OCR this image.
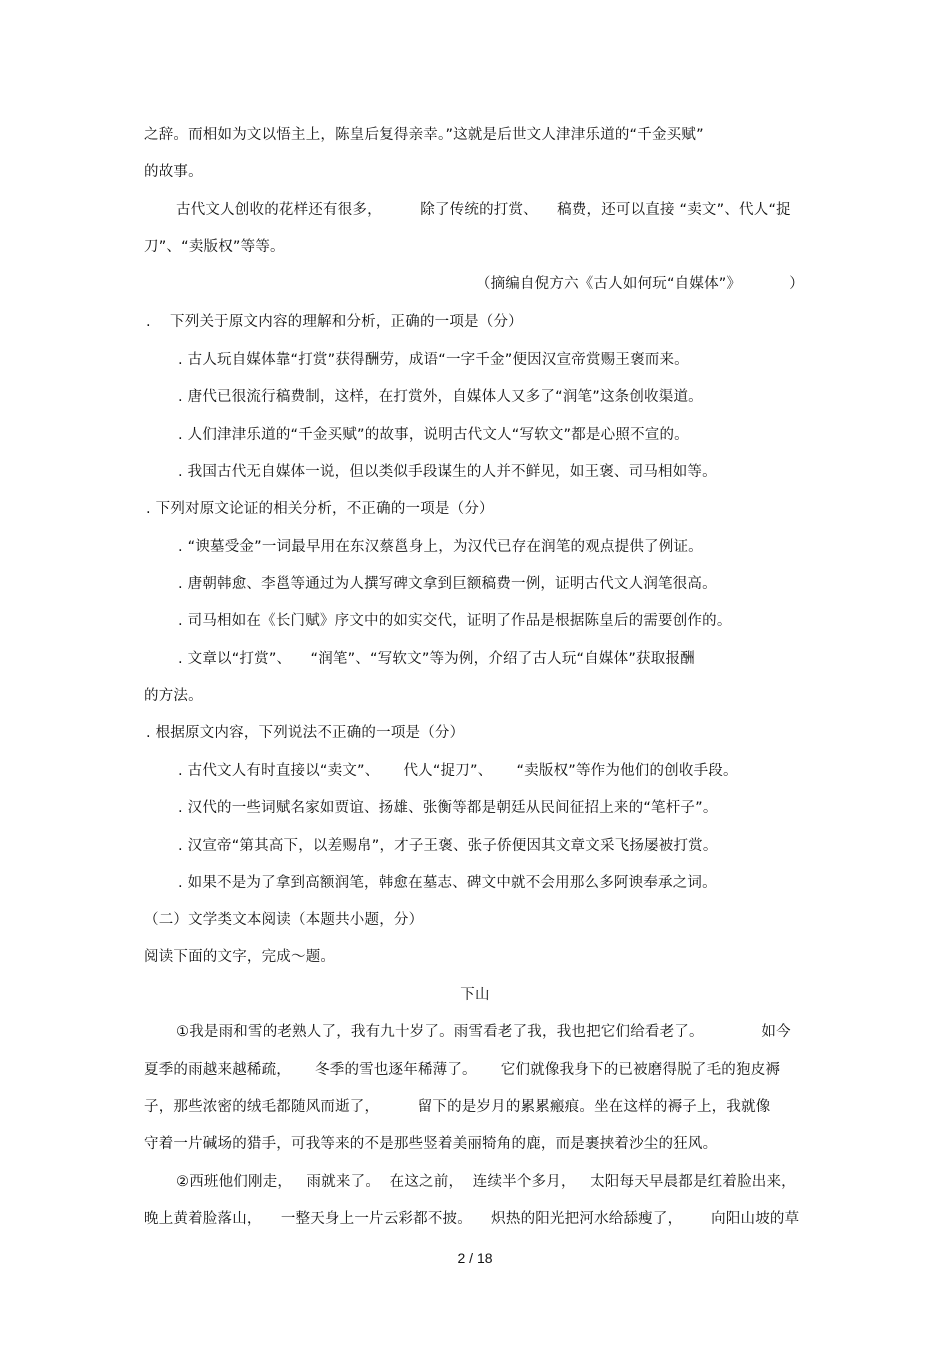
之辞。而相如为文以悟主上，陈皇后复得亲幸。”这就是后世文人津津乐道的“千金买赋”
的故事。
古代文人创收的花样还有很多，        除了传统的打赏、    稿费，还可以直接 “卖文”、代人“捉
刀”、“卖版权”等等。
（摘编自倪方六《古人如何玩“自媒体”》          ）
.    下列关于原文内容的理解和分析，正确的一项是（分）
. 古人玩自媒体靠“打赏”获得酬劳，成语“一字千金”便因汉宣帝赏赐王褒而来。
. 唐代已很流行稿费制，这样，在打赏外，自媒体人又多了“润笔”这条创收渠道。
. 人们津津乐道的“千金买赋”的故事，说明古代文人“写软文”都是心照不宣的。
. 我国古代无自媒体一说，但以类似手段谋生的人并不鲜见，如王褒、司马相如等。
. 下列对原文论证的相关分析，不正确的一项是（分）
. “谀墓受金”一词最早用在东汉蔡邕身上，为汉代已存在润笔的观点提供了例证。
. 唐朝韩愈、李邕等通过为人撰写碑文拿到巨额稿费一例，证明古代文人润笔很高。
. 司马相如在《长门赋》序文中的如实交代，证明了作品是根据陈皇后的需要创作的。
. 文章以“打赏”、    “润笔”、“写软文”等为例，介绍了古人玩“自媒体”获取报酬
的方法。
. 根据原文内容，下列说法不正确的一项是（分）
. 古代文人有时直接以“卖文”、     代人“捉刀”、     “卖版权”等作为他们的创收手段。
. 汉代的一些词赋名家如贾谊、扬雄、张衡等都是朝廷从民间征招上来的“笔杆子”。
. 汉宣帝“第其高下，以差赐帛”，才子王褒、张子侨便因其文章文采飞扬屡被打赏。
. 如果不是为了拿到高额润笔，韩愈在墓志、碑文中就不会用那么多阿谀奉承之词。
（二）文学类文本阅读（本题共小题，分）
阅读下面的文字，完成～题。
下山
①我是雨和雪的老熟人了，我有九十岁了。雨雪看老了我，我也把它们给看老了。            如今
夏季的雨越来越稀疏，     冬季的雪也逐年稀薄了。     它们就像我身下的已被磨得脱了毛的狍皮褥
子，那些浓密的绒毛都随风而逝了，        留下的是岁月的累累瘢痕。坐在这样的褥子上，我就像
守着一片碱场的猎手，可我等来的不是那些竖着美丽犄角的鹿，而是裹挟着沙尘的狂风。
②西班他们刚走，   雨就来了。  在这之前，  连续半个多月，   太阳每天早晨都是红着脸出来，
晚上黄着脸落山，    一整天身上一片云彩都不披。    炽热的阳光把河水给舔瘦了，      向阳山坡的草
2 / 18
